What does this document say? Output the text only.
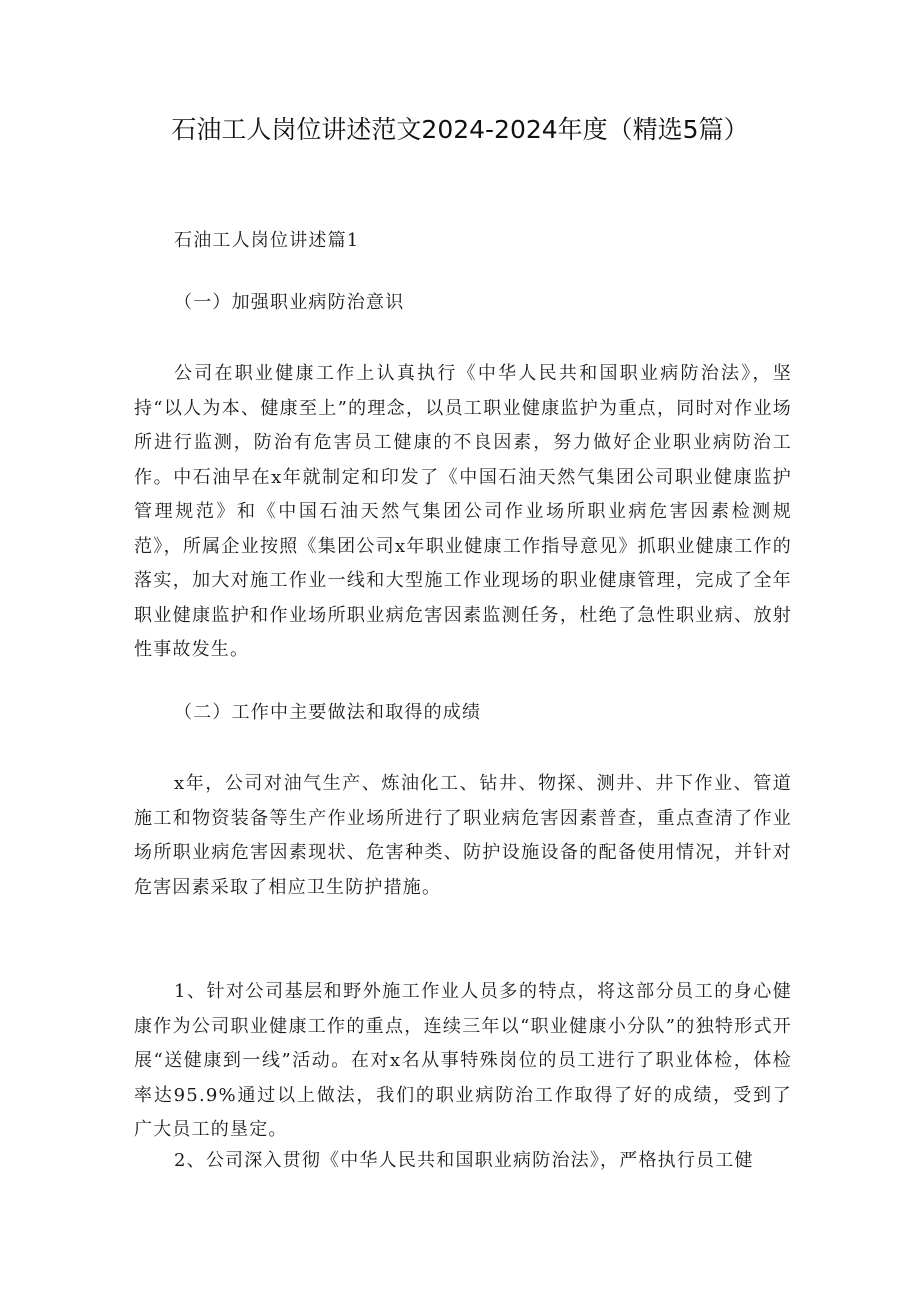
石油工人岗位讲述范文2024-2024年度（精选5篇）

石油工人岗位讲述篇1

（一）加强职业病防治意识

公司在职业健康工作上认真执行《中华人民共和国职业病防治法》，坚持“以人为本、健康至上”的理念，以员工职业健康监护为重点，同时对作业场所进行监测，防治有危害员工健康的不良因素，努力做好企业职业病防治工作。中石油早在x年就制定和印发了《中国石油天然气集团公司职业健康监护管理规范》和《中国石油天然气集团公司作业场所职业病危害因素检测规范》，所属企业按照《集团公司x年职业健康工作指导意见》抓职业健康工作的落实，加大对施工作业一线和大型施工作业现场的职业健康管理，完成了全年职业健康监护和作业场所职业病危害因素监测任务，杜绝了急性职业病、放射性事故发生。

（二）工作中主要做法和取得的成绩

x年，公司对油气生产、炼油化工、钻井、物探、测井、井下作业、管道施工和物资装备等生产作业场所进行了职业病危害因素普查，重点查清了作业场所职业病危害因素现状、危害种类、防护设施设备的配备使用情况，并针对危害因素采取了相应卫生防护措施。

1、针对公司基层和野外施工作业人员多的特点，将这部分员工的身心健康作为公司职业健康工作的重点，连续三年以“职业健康小分队”的独特形式开展“送健康到一线”活动。在对x名从事特殊岗位的员工进行了职业体检，体检率达95.9%通过以上做法，我们的职业病防治工作取得了好的成绩，受到了广大员工的垦定。

2、公司深入贯彻《中华人民共和国职业病防治法》，严格执行员工健
